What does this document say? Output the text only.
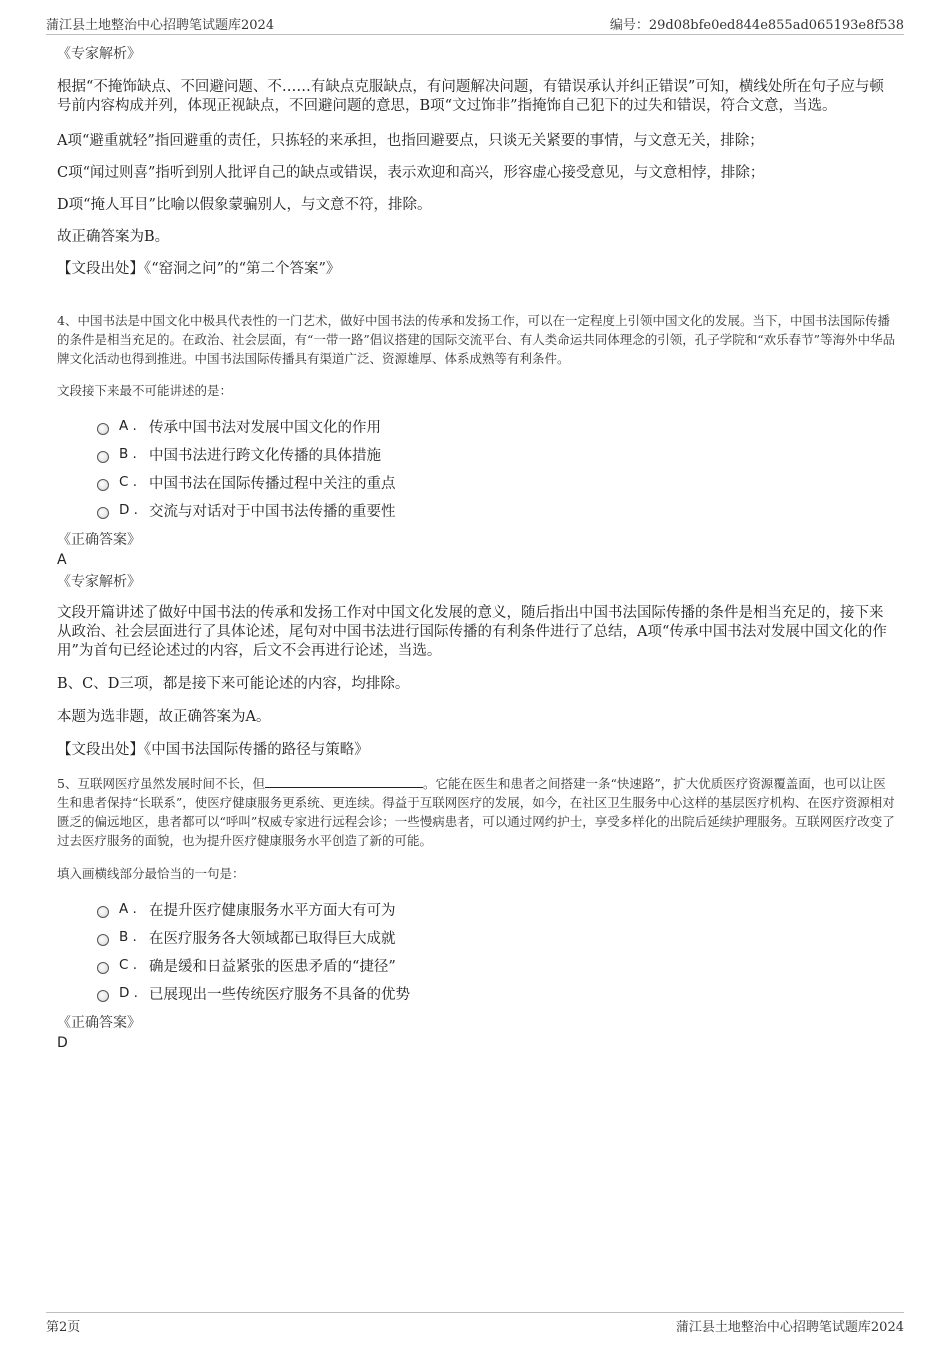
蒲江县土地整治中心招聘笔试题库2024	编号：29d08bfe0ed844e855ad065193e8f538
《专家解析》

根据“不掩饰缺点、不回避问题、不……有缺点克服缺点，有问题解决问题，有错误承认并纠正错误”可知，横线处所在句子应与顿号前内容构成并列，体现正视缺点，不回避问题的意思，B项“文过饰非”指掩饰自己犯下的过失和错误，符合文意，当选。

A项“避重就轻”指回避重的责任，只拣轻的来承担，也指回避要点，只谈无关紧要的事情，与文意无关，排除；

C项“闻过则喜”指听到别人批评自己的缺点或错误，表示欢迎和高兴，形容虚心接受意见，与文意相悖，排除；

D项“掩人耳目”比喻以假象蒙骗别人，与文意不符，排除。

故正确答案为B。

【文段出处】《“窑洞之问”的“第二个答案”》

4、中国书法是中国文化中极具代表性的一门艺术，做好中国书法的传承和发扬工作，可以在一定程度上引领中国文化的发展。当下，中国书法国际传播的条件是相当充足的。在政治、社会层面，有“一带一路”倡议搭建的国际交流平台、有人类命运共同体理念的引领，孔子学院和“欢乐春节”等海外中华品牌文化活动也得到推进。中国书法国际传播具有渠道广泛、资源雄厚、体系成熟等有利条件。

文段接下来最不可能讲述的是：
A . 传承中国书法对发展中国文化的作用
B . 中国书法进行跨文化传播的具体措施
C . 中国书法在国际传播过程中关注的重点
D . 交流与对话对于中国书法传播的重要性
《正确答案》
A
《专家解析》

文段开篇讲述了做好中国书法的传承和发扬工作对中国文化发展的意义，随后指出中国书法国际传播的条件是相当充足的，接下来从政治、社会层面进行了具体论述，尾句对中国书法进行国际传播的有利条件进行了总结，A项“传承中国书法对发展中国文化的作用”为首句已经论述过的内容，后文不会再进行论述，当选。

B、C、D三项，都是接下来可能论述的内容，均排除。

本题为选非题，故正确答案为A。

【文段出处】《中国书法国际传播的路径与策略》

5、互联网医疗虽然发展时间不长，但	。它能在医生和患者之间搭建一条“快速路”，扩大优质医疗资源覆盖面，也可以让医生和患者保持“长联系”，使医疗健康服务更系统、更连续。得益于互联网医疗的发展，如今，在社区卫生服务中心这样的基层医疗机构、在医疗资源相对匮乏的偏远地区，患者都可以“呼叫”权威专家进行远程会诊；一些慢病患者，可以通过网约护士，享受多样化的出院后延续护理服务。互联网医疗改变了过去医疗服务的面貌，也为提升医疗健康服务水平创造了新的可能。

填入画横线部分最恰当的一句是：
A . 在提升医疗健康服务水平方面大有可为
B . 在医疗服务各大领域都已取得巨大成就
C . 确是缓和日益紧张的医患矛盾的“捷径”
D . 已展现出一些传统医疗服务不具备的优势
《正确答案》
D
第2页	蒲江县土地整治中心招聘笔试题库2024
